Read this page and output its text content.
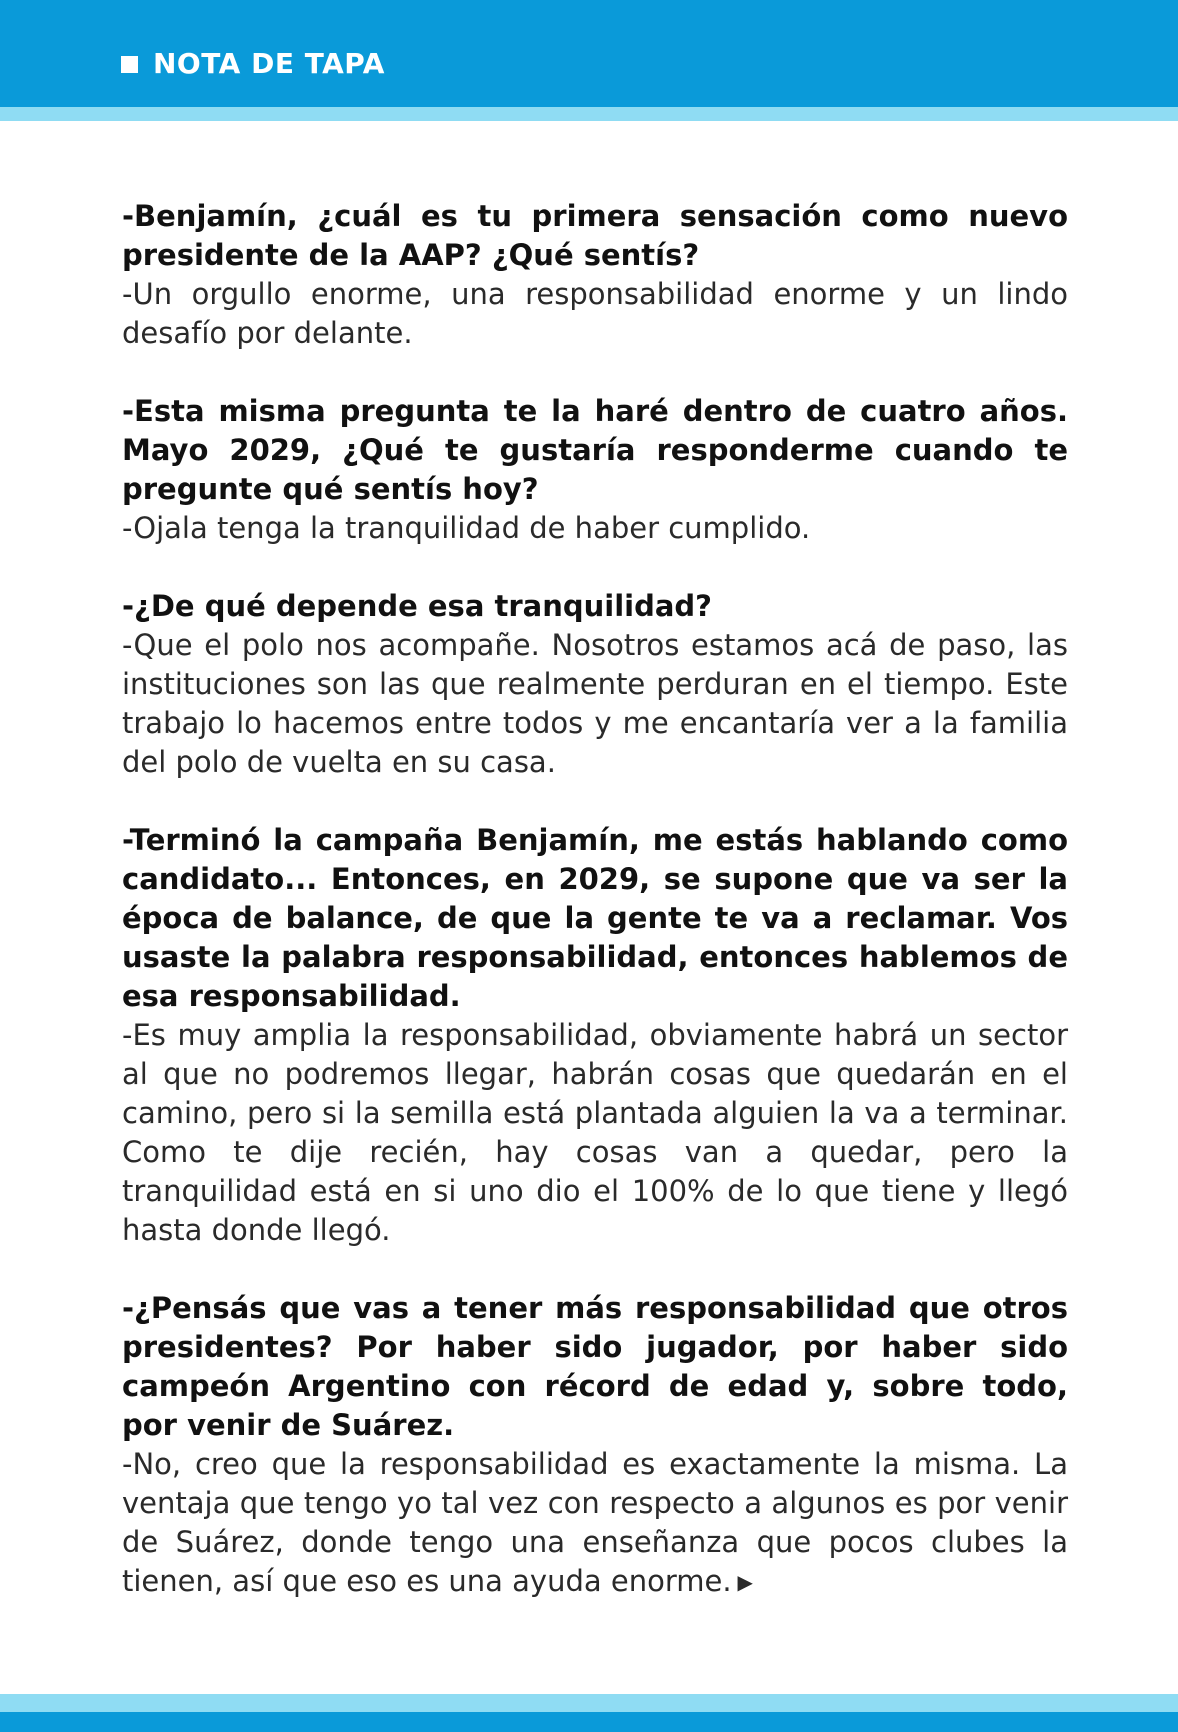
NOTA DE TAPA

-Benjamín, ¿cuál es tu primera sensación como nuevo presidente de la AAP? ¿Qué sentís?

-Un orgullo enorme, una responsabilidad enorme y un lindo desafío por delante.

-Esta misma pregunta te la haré dentro de cuatro años. Mayo 2029, ¿Qué te gustaría responderme cuando te pregunte qué sentís hoy?

-Ojala tenga la tranquilidad de haber cumplido.

-¿De qué depende esa tranquilidad?

-Que el polo nos acompañe. Nosotros estamos acá de paso, las instituciones son las que realmente perduran en el tiempo. Este trabajo lo hacemos entre todos y me encantaría ver a la familia del polo de vuelta en su casa.

-Terminó la campaña Benjamín, me estás hablando como candidato... Entonces, en 2029, se supone que va ser la época de balance, de que la gente te va a reclamar. Vos usaste la palabra responsabilidad, entonces hablemos de esa responsabilidad.

-Es muy amplia la responsabilidad, obviamente habrá un sector al que no podremos llegar, habrán cosas que quedarán en el camino, pero si la semilla está plantada alguien la va a terminar. Como te dije recién, hay cosas van a quedar, pero la tranquilidad está en si uno dio el 100% de lo que tiene y llegó hasta donde llegó.

-¿Pensás que vas a tener más responsabilidad que otros presidentes? Por haber sido jugador, por haber sido campeón Argentino con récord de edad y, sobre todo, por venir de Suárez.

-No, creo que la responsabilidad es exactamente la misma. La ventaja que tengo yo tal vez con respecto a algunos es por venir de Suárez, donde tengo una enseñanza que pocos clubes la tienen, así que eso es una ayuda enorme. ▶
